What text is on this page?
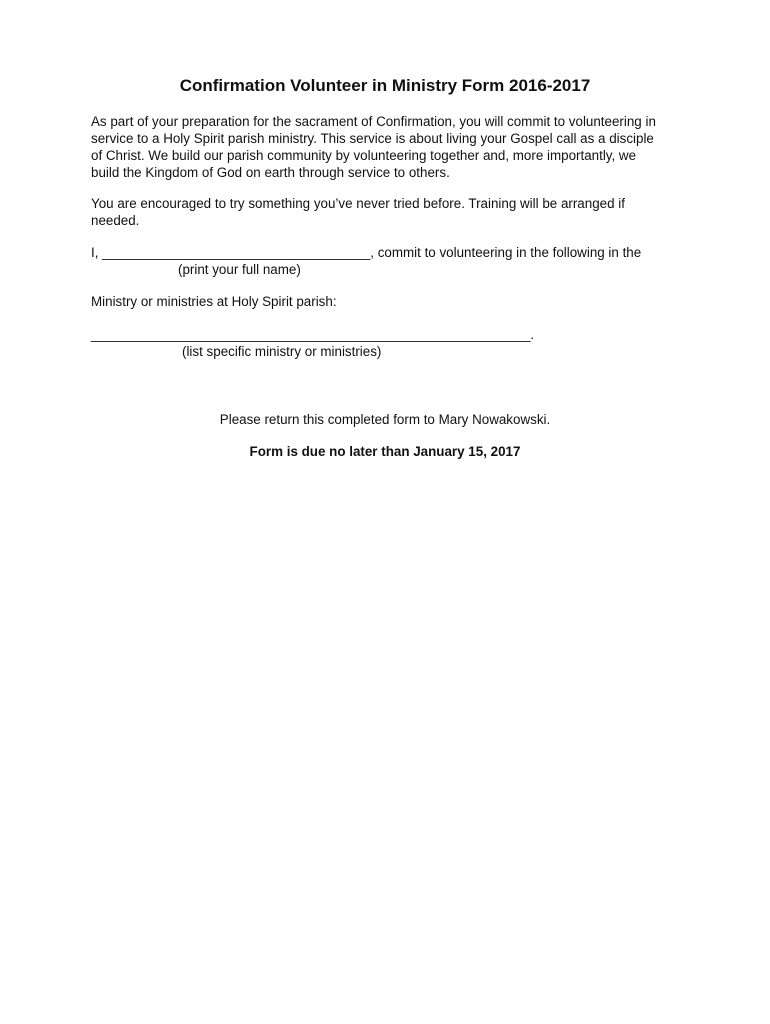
Confirmation Volunteer in Ministry Form 2016-2017
As part of your preparation for the sacrament of Confirmation, you will commit to volunteering in
service to a Holy Spirit parish ministry. This service is about living your Gospel call as a disciple
of Christ. We build our parish community by volunteering together and, more importantly, we
build the Kingdom of God on earth through service to others.
You are encouraged to try something you’ve never tried before. Training will be arranged if
needed.
I, ____________________________________, commit to volunteering in the following in the
(print your full name)
Ministry or ministries at Holy Spirit parish:
___________________________________________________________.
(list specific ministry or ministries)
Please return this completed form to Mary Nowakowski.
Form is due no later than January 15, 2017
